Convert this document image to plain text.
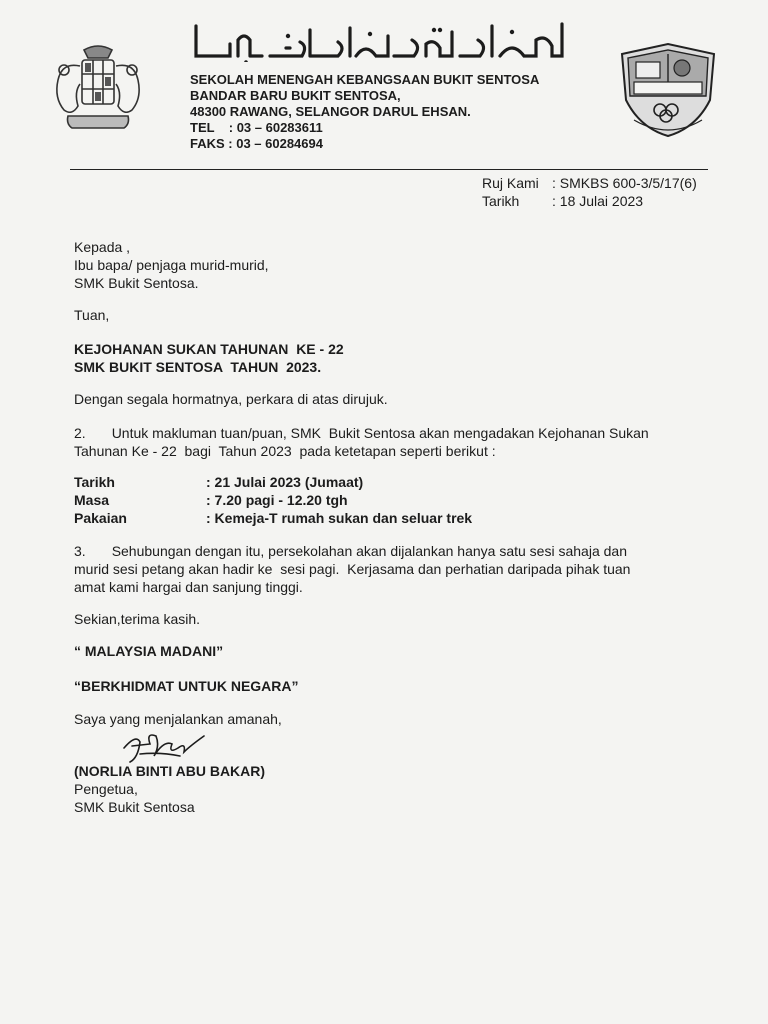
سکوله منڠه کبڠسأن بوکيت سنتوسا
SEKOLAH MENENGAH KEBANGSAAN BUKIT SENTOSA
BANDAR BARU BUKIT SENTOSA,
48300 RAWANG, SELANGOR DARUL EHSAN.
TEL    : 03 – 60283611
FAKS : 03 – 60284694
Ruj Kami : SMKBS 600-3/5/17(6)
Tarikh : 18 Julai 2023
Kepada ,
Ibu bapa/ penjaga murid-murid,
SMK Bukit Sentosa.
Tuan,
KEJOHANAN SUKAN TAHUNAN  KE - 22
SMK BUKIT SENTOSA  TAHUN  2023.
Dengan segala hormatnya, perkara di atas dirujuk.
2. Untuk makluman tuan/puan, SMK  Bukit Sentosa akan mengadakan Kejohanan Sukan
Tahunan Ke - 22  bagi  Tahun 2023  pada ketetapan seperti berikut :
Tarikh	: 21 Julai 2023 (Jumaat)
Masa	: 7.20 pagi - 12.20 tgh
Pakaian	: Kemeja-T rumah sukan dan seluar trek
3. Sehubungan dengan itu, persekolahan akan dijalankan hanya satu sesi sahaja dan
murid sesi petang akan hadir ke  sesi pagi.  Kerjasama dan perhatian daripada pihak tuan
amat kami hargai dan sanjung tinggi.
Sekian,terima kasih.
“ MALAYSIA MADANI”
“BERKHIDMAT UNTUK NEGARA”
Saya yang menjalankan amanah,
(NORLIA BINTI ABU BAKAR)
Pengetua,
SMK Bukit Sentosa
